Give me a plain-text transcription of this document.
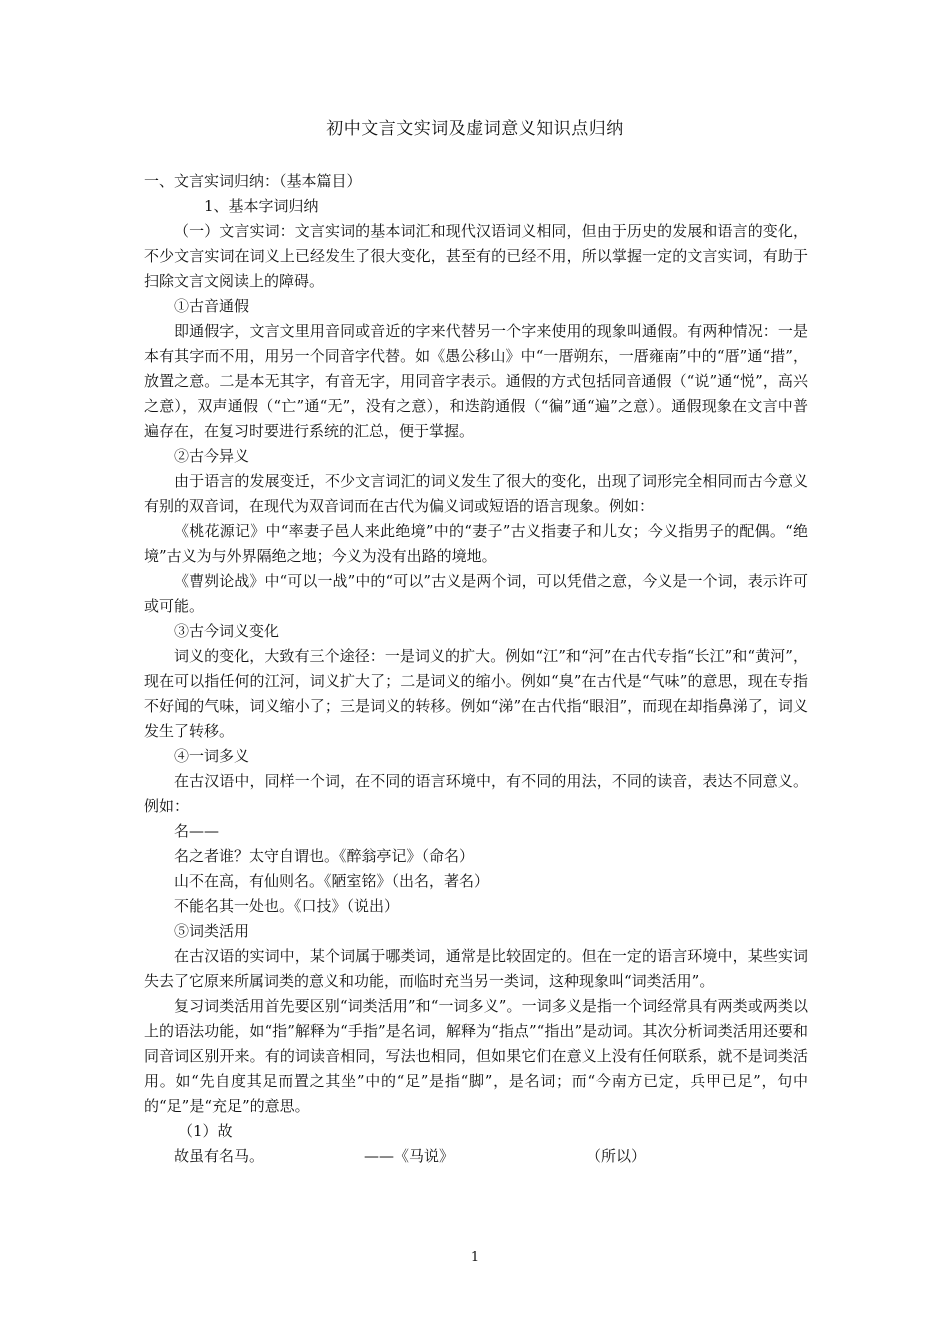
初中文言文实词及虚词意义知识点归纳

一、文言实词归纳：（基本篇目）

1、基本字词归纳

（一）文言实词：文言实词的基本词汇和现代汉语词义相同，但由于历史的发展和语言的变化，不少文言实词在词义上已经发生了很大变化，甚至有的已经不用，所以掌握一定的文言实词，有助于扫除文言文阅读上的障碍。

①古音通假

即通假字，文言文里用音同或音近的字来代替另一个字来使用的现象叫通假。有两种情况：一是本有其字而不用，用另一个同音字代替。如《愚公移山》中“一厝朔东，一厝雍南”中的“厝”通“措”，放置之意。二是本无其字，有音无字，用同音字表示。通假的方式包括同音通假（“说”通“悦”，高兴之意），双声通假（“亡”通“无”，没有之意），和迭韵通假（“徧”通“遍”之意）。通假现象在文言中普遍存在，在复习时要进行系统的汇总，便于掌握。

②古今异义

由于语言的发展变迁，不少文言词汇的词义发生了很大的变化，出现了词形完全相同而古今意义有别的双音词，在现代为双音词而在古代为偏义词或短语的语言现象。例如：

《桃花源记》中“率妻子邑人来此绝境”中的“妻子”古义指妻子和儿女；今义指男子的配偶。“绝境”古义为与外界隔绝之地；今义为没有出路的境地。

《曹刿论战》中“可以一战”中的“可以”古义是两个词，可以凭借之意，今义是一个词，表示许可或可能。

③古今词义变化

词义的变化，大致有三个途径：一是词义的扩大。例如“江”和“河”在古代专指“长江”和“黄河”，现在可以指任何的江河，词义扩大了；二是词义的缩小。例如“臭”在古代是“气味”的意思，现在专指不好闻的气味，词义缩小了；三是词义的转移。例如“涕”在古代指“眼泪”，而现在却指鼻涕了，词义发生了转移。

④一词多义

在古汉语中，同样一个词，在不同的语言环境中，有不同的用法，不同的读音，表达不同意义。例如：

名——

名之者谁？太守自谓也。《醉翁亭记》（命名）

山不在高，有仙则名。《陋室铭》（出名，著名）

不能名其一处也。《口技》（说出）

⑤词类活用

在古汉语的实词中，某个词属于哪类词，通常是比较固定的。但在一定的语言环境中，某些实词失去了它原来所属词类的意义和功能，而临时充当另一类词，这种现象叫“词类活用”。

复习词类活用首先要区别“词类活用”和“一词多义”。一词多义是指一个词经常具有两类或两类以上的语法功能，如“指”解释为“手指”是名词，解释为“指点”“指出”是动词。其次分析词类活用还要和同音词区别开来。有的词读音相同，写法也相同，但如果它们在意义上没有任何联系，就不是词类活用。如“先自度其足而置之其坐”中的“足”是指“脚”，是名词；而“今南方已定，兵甲已足”，句中的“足”是“充足”的意思。

（1）故

故虽有名马。	——《马说》	（所以）
1
